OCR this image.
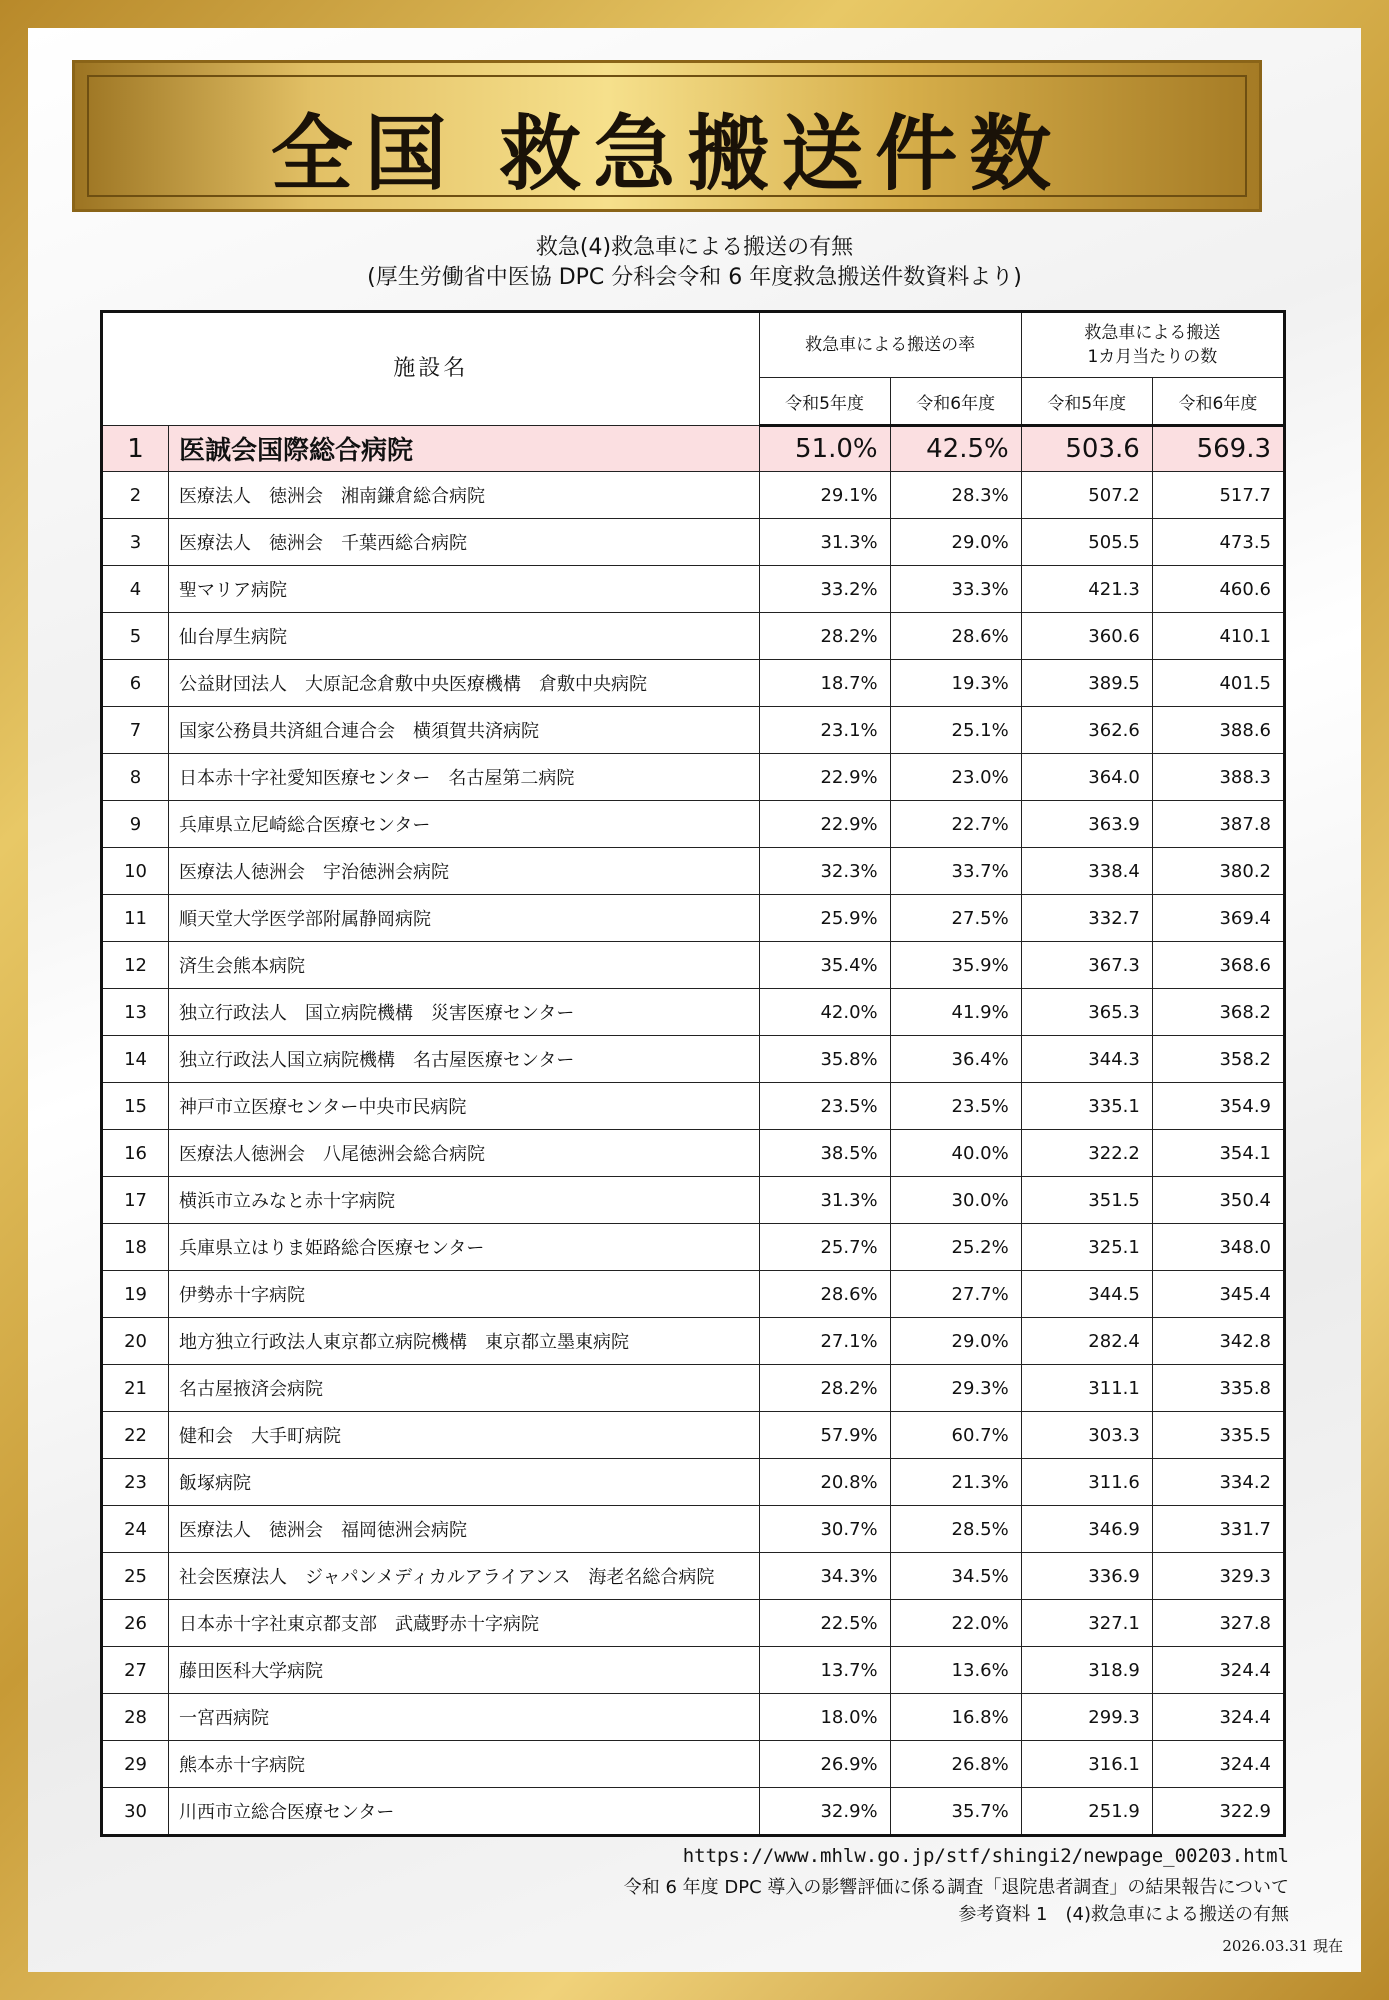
全国 救急搬送件数
救急(4)救急車による搬送の有無
(厚生労働省中医協 DPC 分科会令和 6 年度救急搬送件数資料より)
施設名		救急車による搬送の率		救急車による搬送
1カ月当たりの数	
		令和5年度	令和6年度	令和5年度	令和6年度
1	医誠会国際総合病院	51.0%	42.5%	503.6	569.3
2	医療法人　徳洲会　湘南鎌倉総合病院	29.1%	28.3%	507.2	517.7
3	医療法人　徳洲会　千葉西総合病院	31.3%	29.0%	505.5	473.5
4	聖マリア病院	33.2%	33.3%	421.3	460.6
5	仙台厚生病院	28.2%	28.6%	360.6	410.1
6	公益財団法人　大原記念倉敷中央医療機構　倉敷中央病院	18.7%	19.3%	389.5	401.5
7	国家公務員共済組合連合会　横須賀共済病院	23.1%	25.1%	362.6	388.6
8	日本赤十字社愛知医療センター　名古屋第二病院	22.9%	23.0%	364.0	388.3
9	兵庫県立尼崎総合医療センター	22.9%	22.7%	363.9	387.8
10	医療法人徳洲会　宇治徳洲会病院	32.3%	33.7%	338.4	380.2
11	順天堂大学医学部附属静岡病院	25.9%	27.5%	332.7	369.4
12	済生会熊本病院	35.4%	35.9%	367.3	368.6
13	独立行政法人　国立病院機構　災害医療センター	42.0%	41.9%	365.3	368.2
14	独立行政法人国立病院機構　名古屋医療センター	35.8%	36.4%	344.3	358.2
15	神戸市立医療センター中央市民病院	23.5%	23.5%	335.1	354.9
16	医療法人徳洲会　八尾徳洲会総合病院	38.5%	40.0%	322.2	354.1
17	横浜市立みなと赤十字病院	31.3%	30.0%	351.5	350.4
18	兵庫県立はりま姫路総合医療センター	25.7%	25.2%	325.1	348.0
19	伊勢赤十字病院	28.6%	27.7%	344.5	345.4
20	地方独立行政法人東京都立病院機構　東京都立墨東病院	27.1%	29.0%	282.4	342.8
21	名古屋掖済会病院	28.2%	29.3%	311.1	335.8
22	健和会　大手町病院	57.9%	60.7%	303.3	335.5
23	飯塚病院	20.8%	21.3%	311.6	334.2
24	医療法人　徳洲会　福岡徳洲会病院	30.7%	28.5%	346.9	331.7
25	社会医療法人　ジャパンメディカルアライアンス　海老名総合病院	34.3%	34.5%	336.9	329.3
26	日本赤十字社東京都支部　武蔵野赤十字病院	22.5%	22.0%	327.1	327.8
27	藤田医科大学病院	13.7%	13.6%	318.9	324.4
28	一宮西病院	18.0%	16.8%	299.3	324.4
29	熊本赤十字病院	26.9%	26.8%	316.1	324.4
30	川西市立総合医療センター	32.9%	35.7%	251.9	322.9
https://www.mhlw.go.jp/stf/shingi2/newpage_00203.html
令和 6 年度 DPC 導入の影響評価に係る調査「退院患者調査」の結果報告について
参考資料 1　(4)救急車による搬送の有無
2026.03.31 現在
